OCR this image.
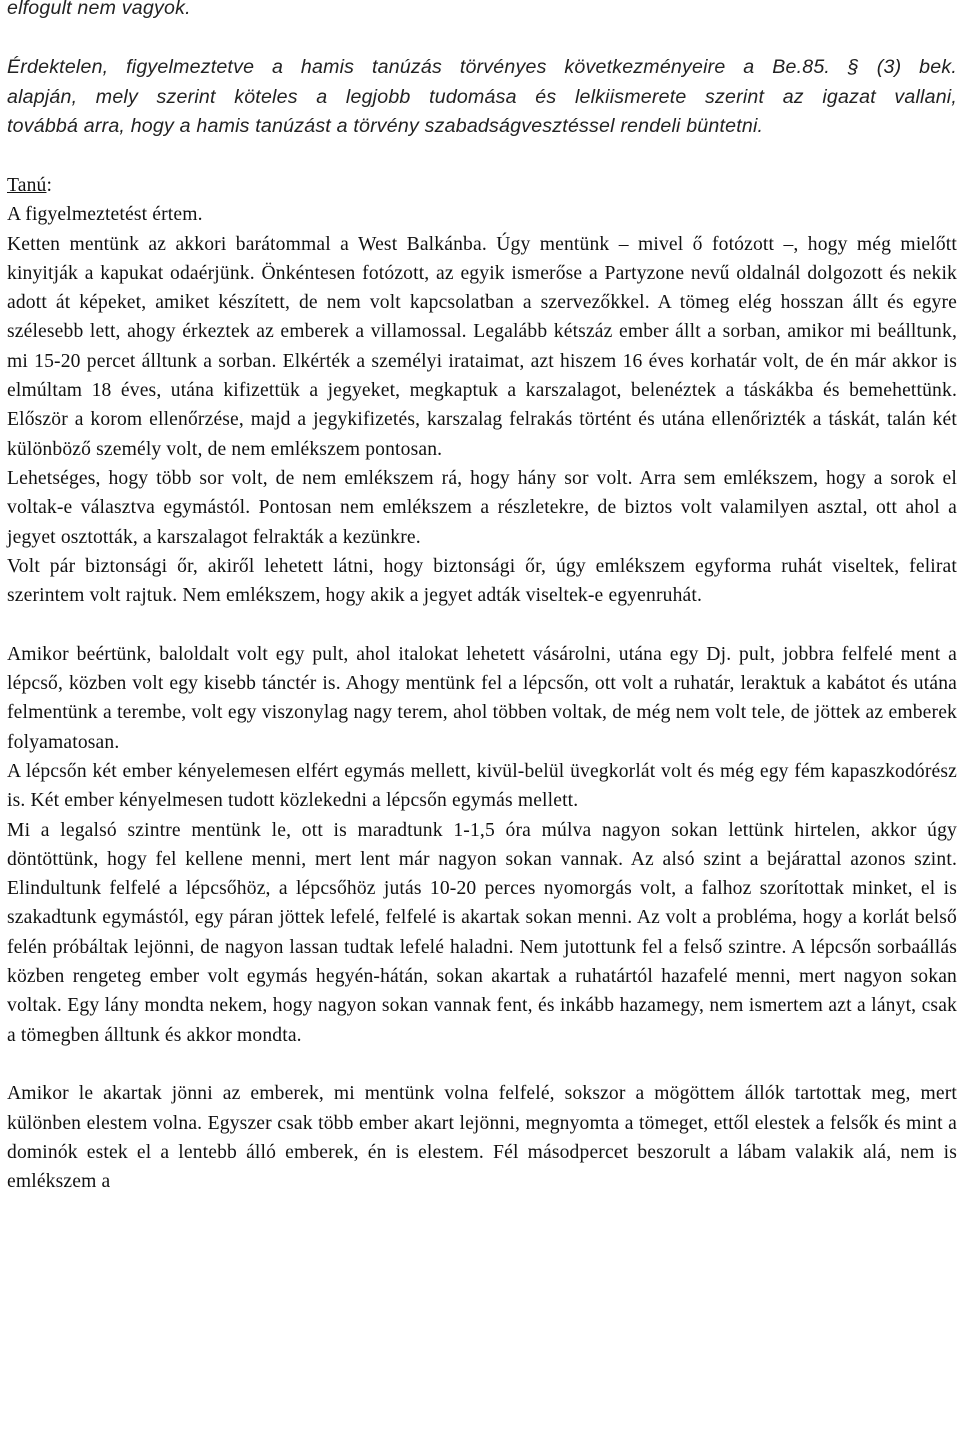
elfogult nem vagyok.

Érdektelen, figyelmeztetve a hamis tanúzás törvényes következményeire a Be.85. § (3) bek.

alapján, mely szerint köteles a legjobb tudomása és lelkiismerete szerint az igazat vallani,

továbbá arra, hogy a hamis tanúzást a törvény szabadságvesztéssel rendeli büntetni.

Tanú:

A figyelmeztetést értem.

Ketten mentünk az akkori barátommal a West Balkánba. Úgy mentünk – mivel ő fotózott –, hogy még mielőtt kinyitják a kapukat odaérjünk. Önkéntesen fotózott, az egyik ismerőse a Partyzone nevű oldalnál dolgozott és nekik adott át képeket, amiket készített, de nem volt kapcsolatban a szervezőkkel. A tömeg elég hosszan állt és egyre szélesebb lett, ahogy érkeztek az emberek a villamossal. Legalább kétszáz ember állt a sorban, amikor mi beálltunk, mi 15-20 percet álltunk a sorban. Elkérték a személyi irataimat, azt hiszem 16 éves korhatár volt, de én már akkor is elmúltam 18 éves, utána kifizettük a jegyeket, megkaptuk a karszalagot, belenéztek a táskákba és bemehettünk. Először a korom ellenőrzése, majd a jegykifizetés, karszalag felrakás történt és utána ellenőrizték a táskát, talán két különböző személy volt, de nem emlékszem pontosan.

Lehetséges, hogy több sor volt, de nem emlékszem rá, hogy hány sor volt. Arra sem emlékszem, hogy a sorok el voltak-e választva egymástól. Pontosan nem emlékszem a részletekre, de biztos volt valamilyen asztal, ott ahol a jegyet osztották, a karszalagot felrakták a kezünkre.

Volt pár biztonsági őr, akiről lehetett látni, hogy biztonsági őr, úgy emlékszem egyforma ruhát viseltek, felirat szerintem volt rajtuk. Nem emlékszem, hogy akik a jegyet adták viseltek-e egyenruhát.

Amikor beértünk, baloldalt volt egy pult, ahol italokat lehetett vásárolni, utána egy Dj. pult, jobbra felfelé ment a lépcső, közben volt egy kisebb tánctér is. Ahogy mentünk fel a lépcsőn, ott volt a ruhatár, leraktuk a kabátot és utána felmentünk a terembe, volt egy viszonylag nagy terem, ahol többen voltak, de még nem volt tele, de jöttek az emberek folyamatosan.

A lépcsőn két ember kényelemesen elfért egymás mellett, kivül-belül üvegkorlát volt és még egy fém kapaszkodórész is. Két ember kényelmesen tudott közlekedni a lépcsőn egymás mellett.

Mi a legalsó szintre mentünk le, ott is maradtunk 1-1,5 óra múlva nagyon sokan lettünk hirtelen, akkor úgy döntöttünk, hogy fel kellene menni, mert lent már nagyon sokan vannak. Az alsó szint a bejárattal azonos szint. Elindultunk felfelé a lépcsőhöz, a lépcsőhöz jutás 10-20 perces nyomorgás volt, a falhoz szorítottak minket, el is szakadtunk egymástól, egy páran jöttek lefelé, felfelé is akartak sokan menni. Az volt a probléma, hogy a korlát belső felén próbáltak lejönni, de nagyon lassan tudtak lefelé haladni. Nem jutottunk fel a felső szintre. A lépcsőn sorbaállás közben rengeteg ember volt egymás hegyén-hátán, sokan akartak a ruhatártól hazafelé menni, mert nagyon sokan voltak. Egy lány mondta nekem, hogy nagyon sokan vannak fent, és inkább hazamegy, nem ismertem azt a lányt, csak a tömegben álltunk és akkor mondta.

Amikor le akartak jönni az emberek, mi mentünk volna felfelé, sokszor a mögöttem állók tartottak meg, mert különben elestem volna. Egyszer csak több ember akart lejönni, megnyomta a tömeget, ettől elestek a felsők és mint a dominók estek el a lentebb álló emberek, én is elestem. Fél másodpercet beszorult a lábam valakik alá, nem is emlékszem a
